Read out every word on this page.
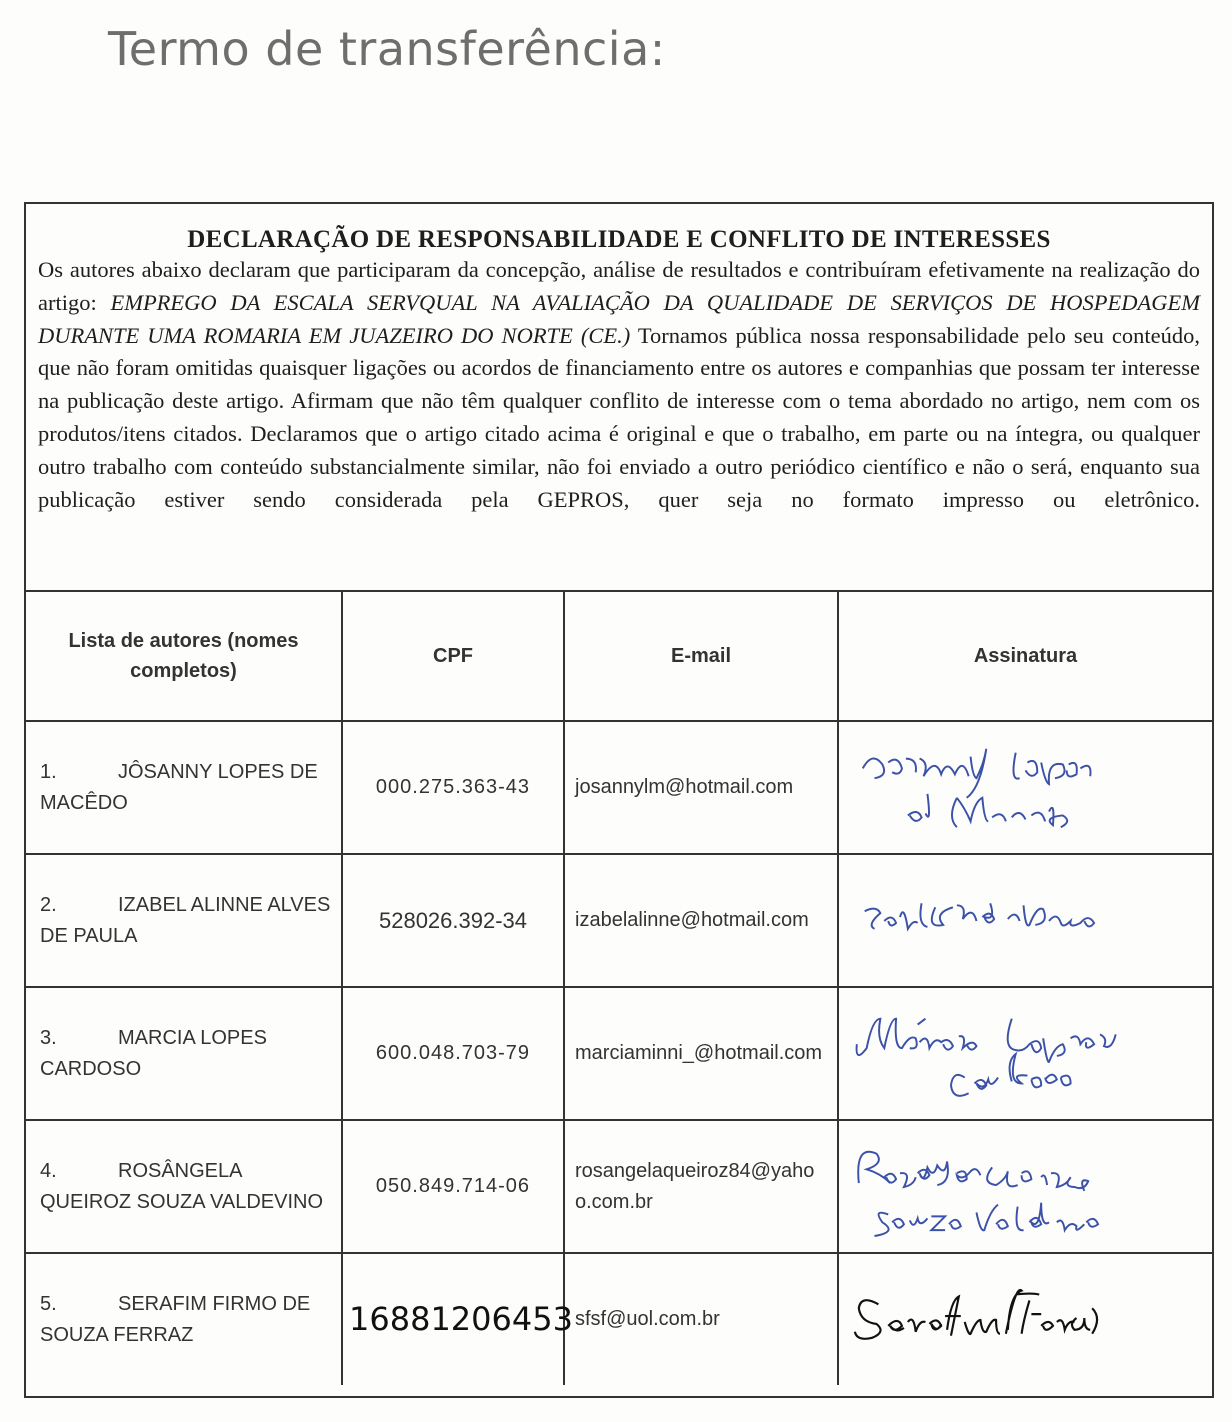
Termo de transferência:
DECLARAÇÃO DE RESPONSABILIDADE E CONFLITO DE INTERESSES

Os autores abaixo declaram que participaram da concepção, análise de resultados e contribuíram efetivamente na realização do artigo: EMPREGO DA ESCALA SERVQUAL NA AVALIAÇÃO DA QUALIDADE DE SERVIÇOS DE HOSPEDAGEM DURANTE UMA ROMARIA EM JUAZEIRO DO NORTE (CE.) Tornamos pública nossa responsabilidade pelo seu conteúdo, que não foram omitidas quaisquer ligações ou acordos de financiamento entre os autores e companhias que possam ter interesse na publicação deste artigo. Afirmam que não têm qualquer conflito de interesse com o tema abordado no artigo, nem com os produtos/itens citados. Declaramos que o artigo citado acima é original e que o trabalho, em parte ou na íntegra, ou qualquer outro trabalho com conteúdo substancialmente similar, não foi enviado a outro periódico científico e não o será, enquanto sua publicação estiver sendo considerada pela GEPROS, quer seja no formato impresso ou eletrônico.

Lista de autores (nomes completos)	CPF	E-mail	Assinatura
1. JÔSANNY LOPES DE MACÊDO	000.275.363-43	josannylm@hotmail.com	

2. IZABEL ALINNE ALVES DE PAULA	528026.392-34	izabelalinne@hotmail.com	

3. MARCIA LOPES CARDOSO	600.048.703-79	marciaminni_@hotmail.com	

4. ROSÂNGELA QUEIROZ SOUZA VALDEVINO	050.849.714-06	rosangelaqueiroz84@yahoo.com.br	

5. SERAFIM FIRMO DE SOUZA FERRAZ	16881206453	sfsf@uol.com.br	
